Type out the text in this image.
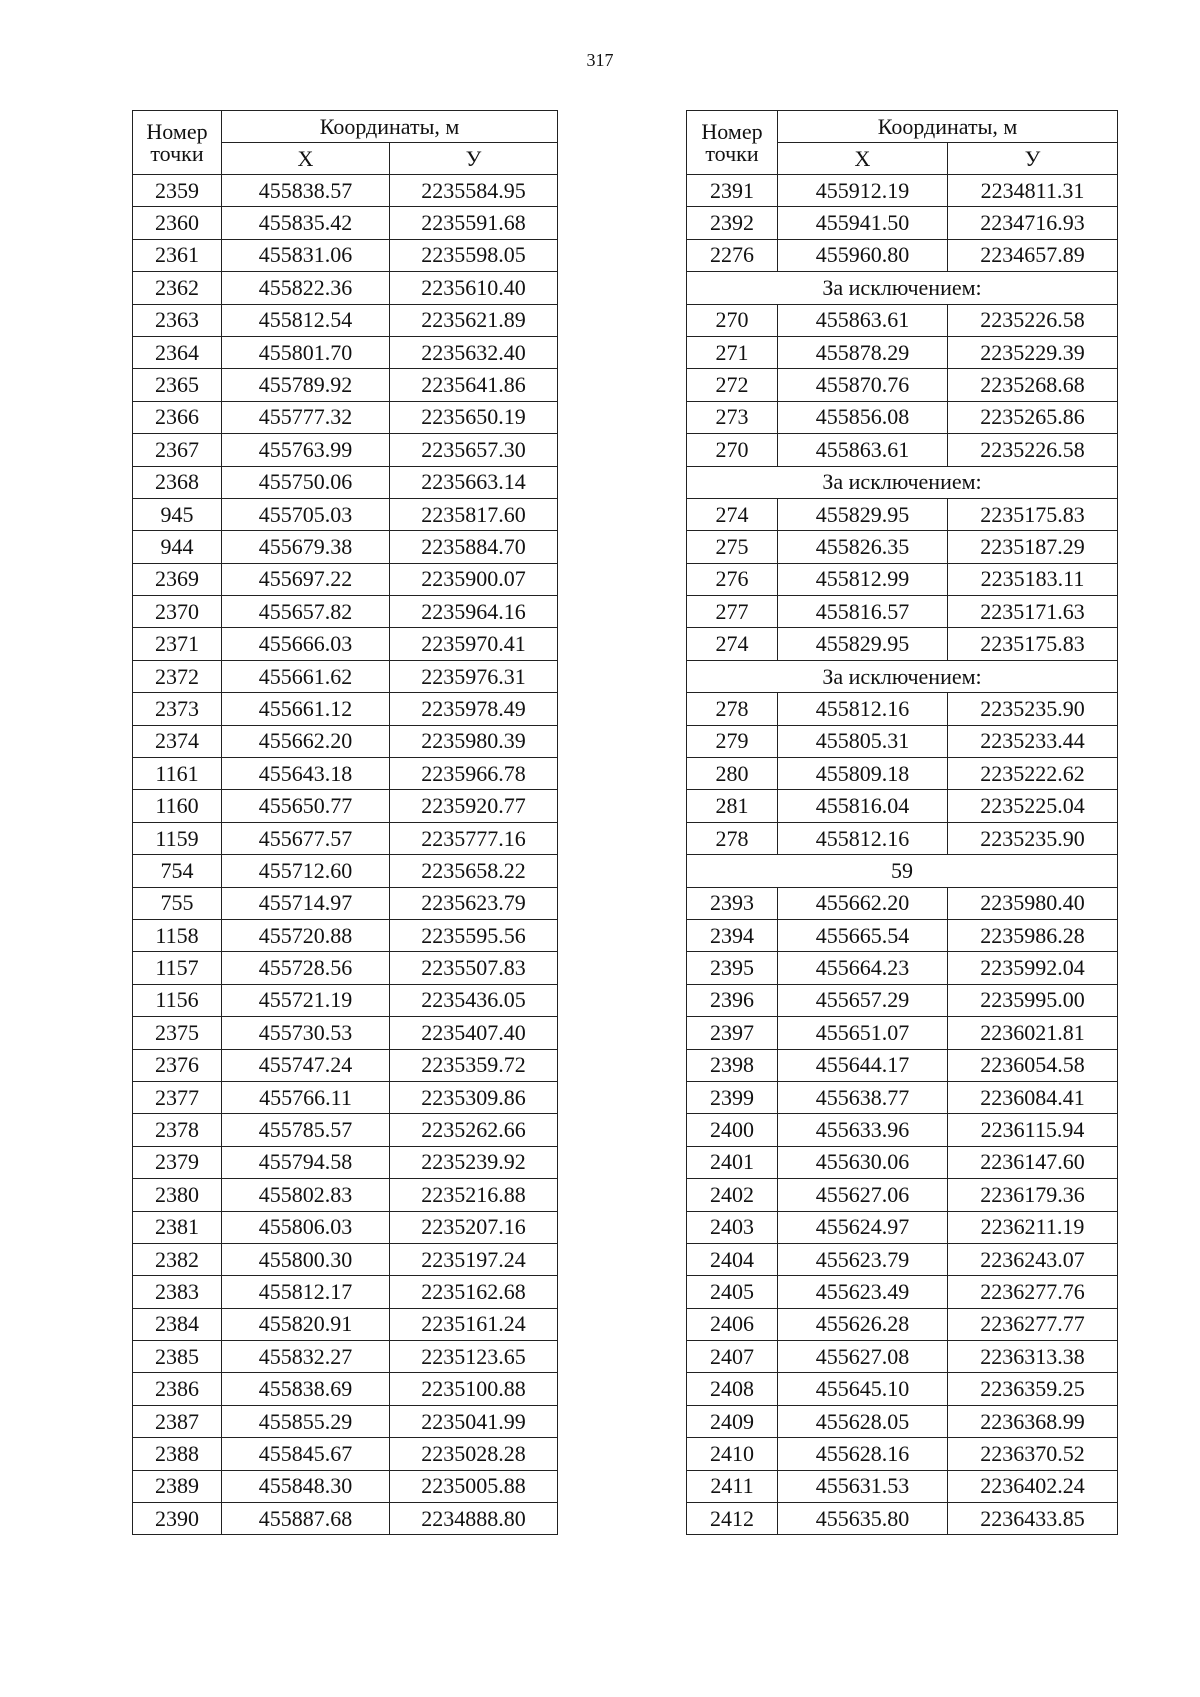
317
Номер
точки	Координаты, м	
	Х	У
2359	455838.57	2235584.95
2360	455835.42	2235591.68
2361	455831.06	2235598.05
2362	455822.36	2235610.40
2363	455812.54	2235621.89
2364	455801.70	2235632.40
2365	455789.92	2235641.86
2366	455777.32	2235650.19
2367	455763.99	2235657.30
2368	455750.06	2235663.14
945	455705.03	2235817.60
944	455679.38	2235884.70
2369	455697.22	2235900.07
2370	455657.82	2235964.16
2371	455666.03	2235970.41
2372	455661.62	2235976.31
2373	455661.12	2235978.49
2374	455662.20	2235980.39
1161	455643.18	2235966.78
1160	455650.77	2235920.77
1159	455677.57	2235777.16
754	455712.60	2235658.22
755	455714.97	2235623.79
1158	455720.88	2235595.56
1157	455728.56	2235507.83
1156	455721.19	2235436.05
2375	455730.53	2235407.40
2376	455747.24	2235359.72
2377	455766.11	2235309.86
2378	455785.57	2235262.66
2379	455794.58	2235239.92
2380	455802.83	2235216.88
2381	455806.03	2235207.16
2382	455800.30	2235197.24
2383	455812.17	2235162.68
2384	455820.91	2235161.24
2385	455832.27	2235123.65
2386	455838.69	2235100.88
2387	455855.29	2235041.99
2388	455845.67	2235028.28
2389	455848.30	2235005.88
2390	455887.68	2234888.80
Номер
точки	Координаты, м	
	Х	У
2391	455912.19	2234811.31
2392	455941.50	2234716.93
2276	455960.80	2234657.89
За исключением:		
270	455863.61	2235226.58
271	455878.29	2235229.39
272	455870.76	2235268.68
273	455856.08	2235265.86
270	455863.61	2235226.58
За исключением:		
274	455829.95	2235175.83
275	455826.35	2235187.29
276	455812.99	2235183.11
277	455816.57	2235171.63
274	455829.95	2235175.83
За исключением:		
278	455812.16	2235235.90
279	455805.31	2235233.44
280	455809.18	2235222.62
281	455816.04	2235225.04
278	455812.16	2235235.90
59		
2393	455662.20	2235980.40
2394	455665.54	2235986.28
2395	455664.23	2235992.04
2396	455657.29	2235995.00
2397	455651.07	2236021.81
2398	455644.17	2236054.58
2399	455638.77	2236084.41
2400	455633.96	2236115.94
2401	455630.06	2236147.60
2402	455627.06	2236179.36
2403	455624.97	2236211.19
2404	455623.79	2236243.07
2405	455623.49	2236277.76
2406	455626.28	2236277.77
2407	455627.08	2236313.38
2408	455645.10	2236359.25
2409	455628.05	2236368.99
2410	455628.16	2236370.52
2411	455631.53	2236402.24
2412	455635.80	2236433.85
